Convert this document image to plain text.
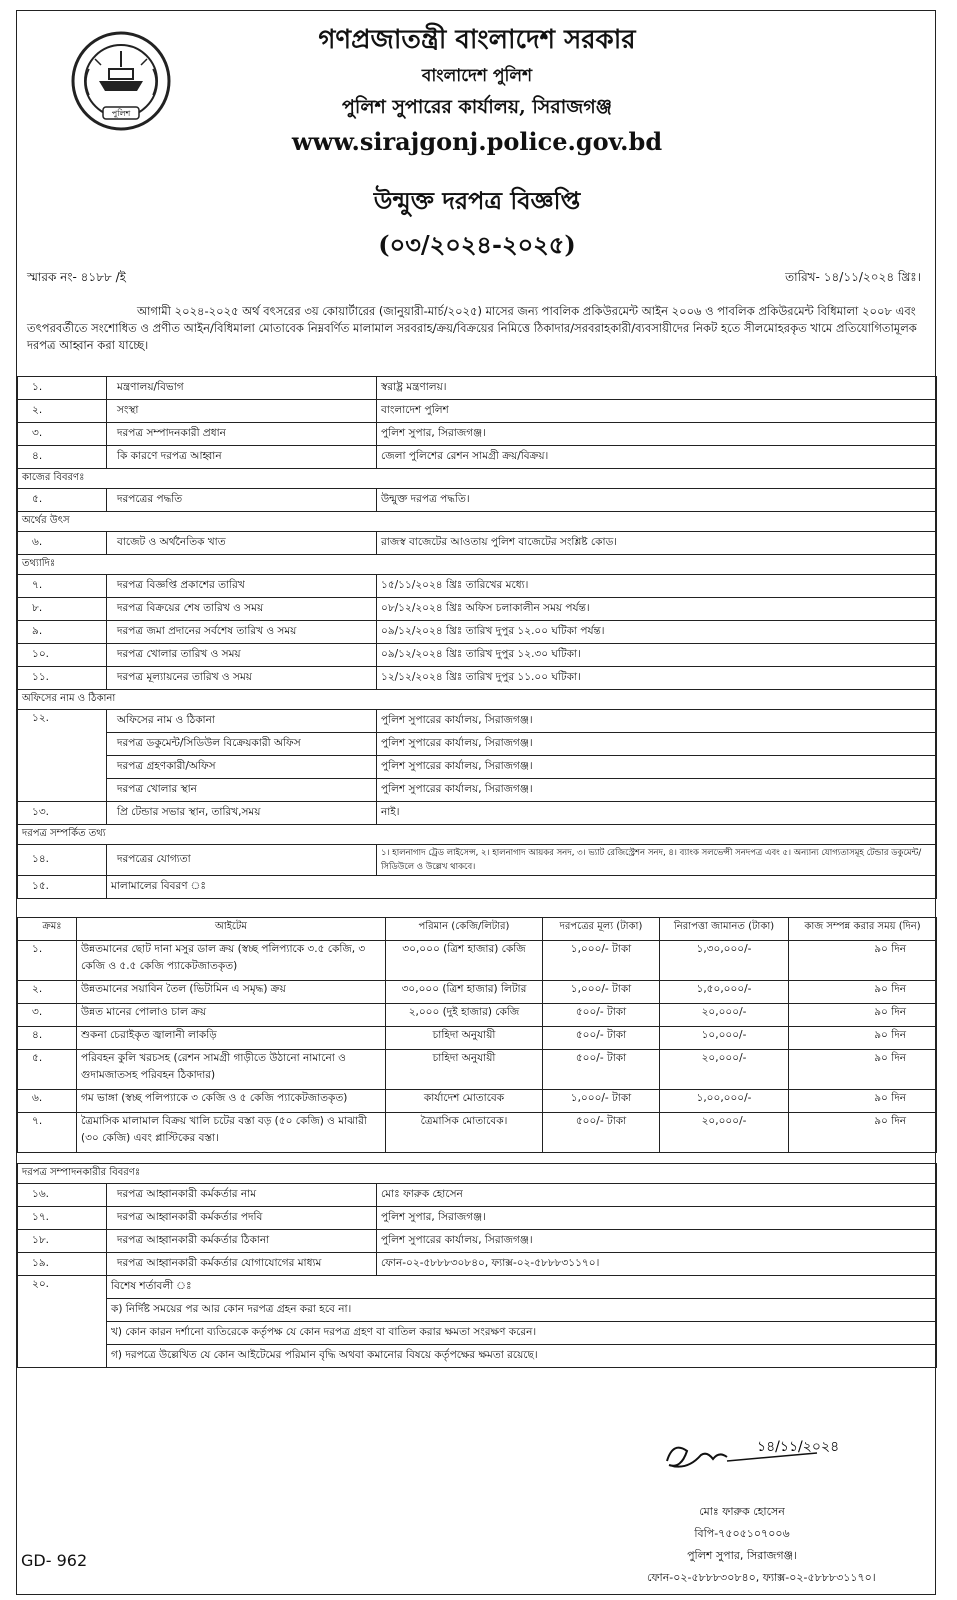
পুলিশ
গণপ্রজাতন্ত্রী বাংলাদেশ সরকার
বাংলাদেশ পুলিশ
পুলিশ সুপারের কার্যালয়, সিরাজগঞ্জ
www.sirajgonj.police.gov.bd
উন্মুক্ত দরপত্র বিজ্ঞপ্তি
(০৩/২০২৪-২০২৫)
স্মারক নং- ৪১৮৮ /ই	তারিখ- ১৪/১১/২০২৪ খ্রিঃ।
আগামী ২০২৪-২০২৫ অর্থ বৎসরের ৩য় কোয়ার্টারের (জানুয়ারী-মার্চ/২০২৫) মাসের জন্য পাবলিক প্রকিউরমেন্ট আইন ২০০৬ ও পাবলিক প্রকিউরমেন্ট বিধিমালা ২০০৮ এবং তৎপরবর্তীতে সংশোধিত ও প্রণীত আইন/বিধিমালা মোতাবেক নিম্নবর্ণিত মালামাল সরবরাহ/ক্রয়/বিক্রয়ের নিমিত্তে ঠিকাদার/সরবরাহকারী/ব্যবসায়ীদের নিকট হতে সীলমোহরকৃত খামে প্রতিযোগিতামূলক দরপত্র আহ্বান করা যাচ্ছে।
১.	মন্ত্রণালয়/বিভাগ	স্বরাষ্ট্র মন্ত্রণালয়।
২.	সংস্থা	বাংলাদেশ পুলিশ
৩.	দরপত্র সম্পাদনকারী প্রধান	পুলিশ সুপার, সিরাজগঞ্জ।
৪.	কি কারণে দরপত্র আহ্বান	জেলা পুলিশের রেশন সামগ্রী ক্রয়/বিক্রয়।
কাজের বিবরণঃ		
৫.	দরপত্রের পদ্ধতি	উন্মুক্ত দরপত্র পদ্ধতি।
অর্থের উৎস		
৬.	বাজেট ও অর্থনৈতিক খাত	রাজস্ব বাজেটের আওতায় পুলিশ বাজেটের সংশ্লিষ্ট কোড।
তথ্যাদিঃ		
৭.	দরপত্র বিজ্ঞপ্তি প্রকাশের তারিখ	১৫/১১/২০২৪ খ্রিঃ তারিখের মধ্যে।
৮.	দরপত্র বিক্রয়ের শেষ তারিখ ও সময়	০৮/১২/২০২৪ খ্রিঃ অফিস চলাকালীন সময় পর্যন্ত।
৯.	দরপত্র জমা প্রদানের সর্বশেষ তারিখ ও সময়	০৯/১২/২০২৪ খ্রিঃ তারিখ দুপুর ১২.০০ ঘটিকা পর্যন্ত।
১০.	দরপত্র খোলার তারিখ ও সময়	০৯/১২/২০২৪ খ্রিঃ তারিখ দুপুর ১২.৩০ ঘটিকা।
১১.	দরপত্র মূল্যায়নের তারিখ ও সময়	১২/১২/২০২৪ খ্রিঃ তারিখ দুপুর ১১.০০ ঘটিকা।
অফিসের নাম ও ঠিকানা		
১২.	অফিসের নাম ও ঠিকানা	পুলিশ সুপারের কার্যালয়, সিরাজগঞ্জ।
	দরপত্র ডকুমেন্ট/সিডিউল বিক্রেয়কারী অফিস	পুলিশ সুপারের কার্যালয়, সিরাজগঞ্জ।
	দরপত্র গ্রহণকারী/অফিস	পুলিশ সুপারের কার্যালয়, সিরাজগঞ্জ।
	দরপত্র খোলার স্থান	পুলিশ সুপারের কার্যালয়, সিরাজগঞ্জ।
১৩.	প্রি টেন্ডার সভার স্থান, তারিখ,সময়	নাই।
দরপত্র সম্পর্কিত তথ্য		
১৪.	দরপত্রের যোগ্যতা	১। হালনাগাদ ট্রেড লাইসেন্স, ২। হালনাগাদ আয়কর সনদ, ৩। ভ্যাট রেজিস্ট্রেশন সনদ, ৪। ব্যাংক সলভেন্সী সনদপত্র এবং ৫। অন্যান্য যোগ্যতাসমূহ টেন্ডার ডকুমেন্ট/সিডিউলে ও উল্লেখ থাকবে।
১৫.	মালামালের বিবরণ ঃ	
ক্রমঃ	আইটেম	পরিমান (কেজি/লিটার)	দরপত্রের মূল্য (টাকা)	নিরাপত্তা জামানত (টাকা)	কাজ সম্পন্ন করার সময় (দিন)
১.	উন্নতমানের ছোট দানা মসুর ডাল ক্রয় (স্বচ্ছ পলিপ্যাকে ৩.৫ কেজি, ৩ কেজি ও ৫.৫ কেজি প্যাকেটজাতকৃত)	৩০,০০০ (ত্রিশ হাজার) কেজি	১,০০০/- টাকা	১,৩০,০০০/-	৯০ দিন
২.	উন্নতমানের সয়াবিন তৈল (ভিটামিন এ সমৃদ্ধ) ক্রয়	৩০,০০০ (ত্রিশ হাজার) লিটার	১,০০০/- টাকা	১,৫০,০০০/-	৯০ দিন
৩.	উন্নত মানের পোলাও চাল ক্রয়	২,০০০ (দুই হাজার) কেজি	৫০০/- টাকা	২০,০০০/-	৯০ দিন
৪.	শুকনা চেরাইকৃত জ্বালানী লাকড়ি	চাহিদা অনুযায়ী	৫০০/- টাকা	১০,০০০/-	৯০ দিন
৫.	পরিবহন কুলি খরচসহ (রেশন সামগ্রী গাড়ীতে উঠানো নামানো ও গুদামজাতসহ পরিবহন ঠিকাদার)	চাহিদা অনুযায়ী	৫০০/- টাকা	২০,০০০/-	৯০ দিন
৬.	গম ভাঙ্গা (স্বচ্ছ পলিপ্যাকে ৩ কেজি ও ৫ কেজি প্যাকেটজাতকৃত)	কার্যাদেশ মোতাবেক	১,০০০/- টাকা	১,০০,০০০/-	৯০ দিন
৭.	ত্রৈমাসিক মালামাল বিক্রয় খালি চটের বস্তা বড় (৫০ কেজি) ও মাঝারী (৩০ কেজি) এবং প্লাস্টিকের বস্তা।	ত্রৈমাসিক মোতাবেক।	৫০০/- টাকা	২০,০০০/-	৯০ দিন
দরপত্র সম্পাদনকারীর বিবরণঃ		
১৬.	দরপত্র আহ্বানকারী কর্মকর্তার নাম	মোঃ ফারুক হোসেন
১৭.	দরপত্র আহ্বানকারী কর্মকর্তার পদবি	পুলিশ সুপার, সিরাজগঞ্জ।
১৮.	দরপত্র আহ্বানকারী কর্মকর্তার ঠিকানা	পুলিশ সুপারের কার্যালয়, সিরাজগঞ্জ।
১৯.	দরপত্র আহ্বানকারী কর্মকর্তার যোগাযোগের মাধ্যম	ফোন-০২-৫৮৮৮৩০৮৪০, ফ্যাক্স-০২-৫৮৮৮৩১১৭০।
২০.	বিশেষ শর্তাবলী ঃ	
	ক) নির্দিষ্ট সময়ের পর আর কোন দরপত্র গ্রহন করা হবে না।	
	খ) কোন কারন দর্শানো ব্যতিরেকে কর্তৃপক্ষ যে কোন দরপত্র গ্রহণ বা বাতিল করার ক্ষমতা সংরক্ষণ করেন।	
	গ) দরপত্রে উল্লেখিত যে কোন আইটেমের পরিমান বৃদ্ধি অথবা কমানোর বিষয়ে কর্তৃপক্ষের ক্ষমতা রয়েছে।	
১৪/১১/২০২৪
মোঃ ফারুক হোসেন
বিপি-৭৫০৫১০৭০০৬
পুলিশ সুপার, সিরাজগঞ্জ।
ফোন-০২-৫৮৮৮৩০৮৪০, ফ্যাক্স-০২-৫৮৮৮৩১১৭০।
GD- 962
